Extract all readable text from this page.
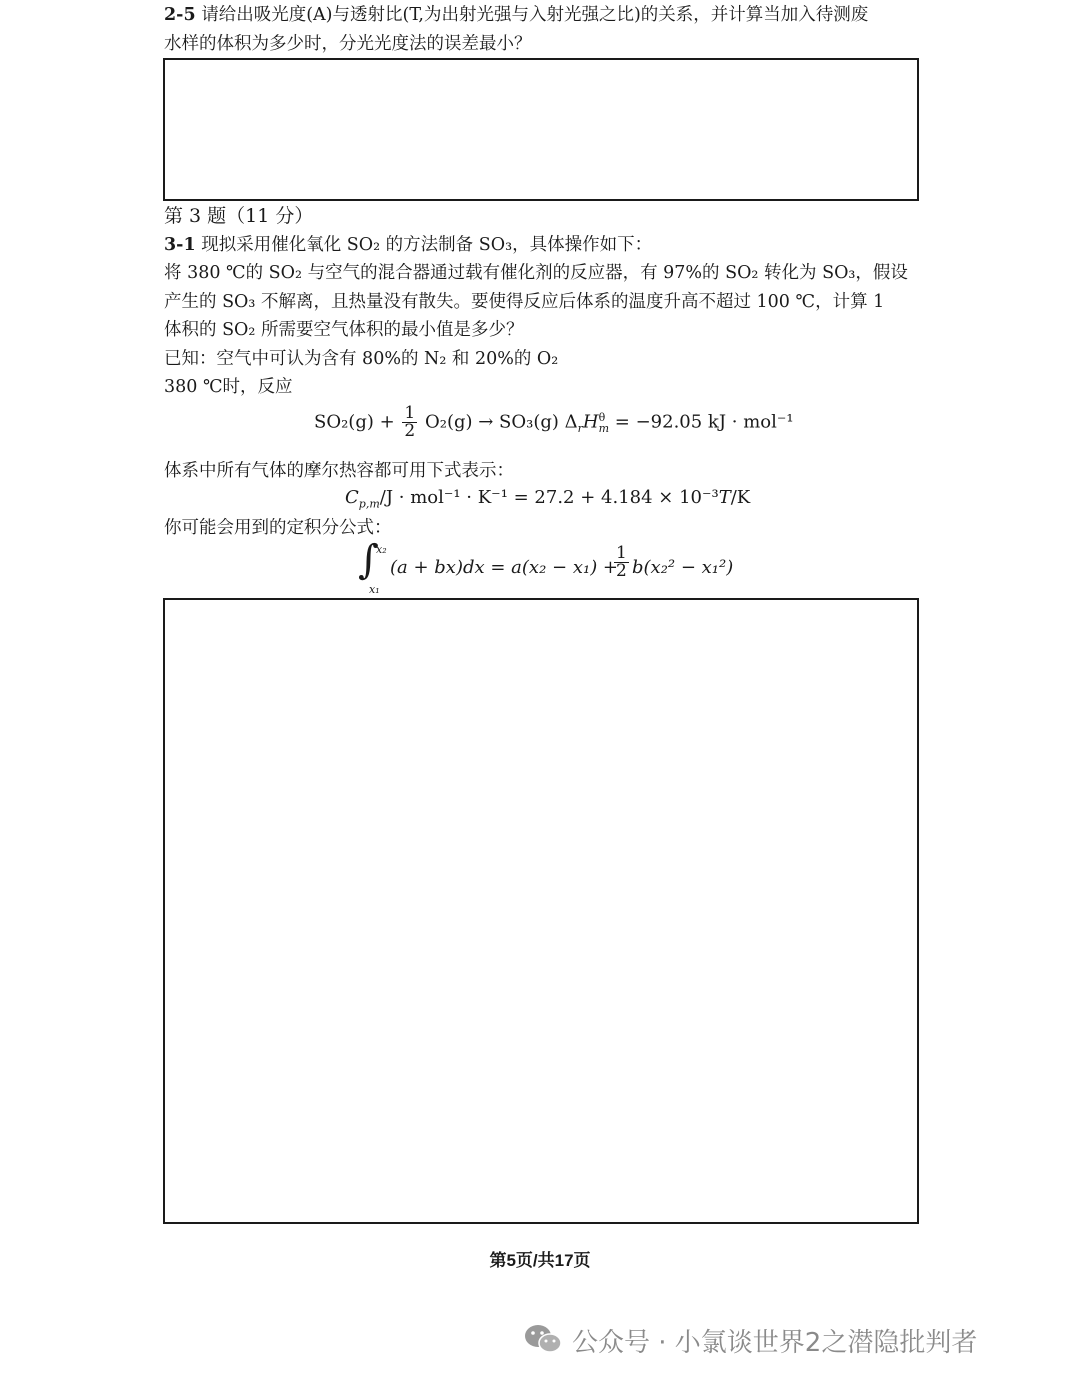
2-5 请给出吸光度(A)与透射比(T,为出射光强与入射光强之比)的关系，并计算当加入待测废
水样的体积为多少时，分光光度法的误差最小？
第 3 题（11 分）
3-1 现拟采用催化氧化 SO₂ 的方法制备 SO₃，具体操作如下：
将 380 ℃的 SO₂ 与空气的混合器通过载有催化剂的反应器，有 97%的 SO₂ 转化为 SO₃，假设
产生的 SO₃ 不解离，且热量没有散失。要使得反应后体系的温度升高不超过 100 ℃，计算 1
体积的 SO₂ 所需要空气体积的最小值是多少？
已知：空气中可认为含有 80%的 N₂ 和 20%的 O₂
380 ℃时，反应
$SO_2(g) + \frac{1}{2} O_2(g) \to SO_3(g)$ $\Delta_rH$ θ
m = −92.05 kJ · mol⁻¹
体系中所有气体的摩尔热容都可用下式表示：
$C_{p,m}/J \cdot mol^{-1} \cdot K^{-1} = 27.2 + 4.184 \times 10^{-3}T/K$
你可能会用到的定积分公式：
∫
x₂
x₁
(a + bx)dx = a(x₂ − x₁) +
$\frac{1}{2} b(x_2^2 - x_1^2)$
第5页/共17页
公众号 · 小氯谈世界2之潜隐批判者
